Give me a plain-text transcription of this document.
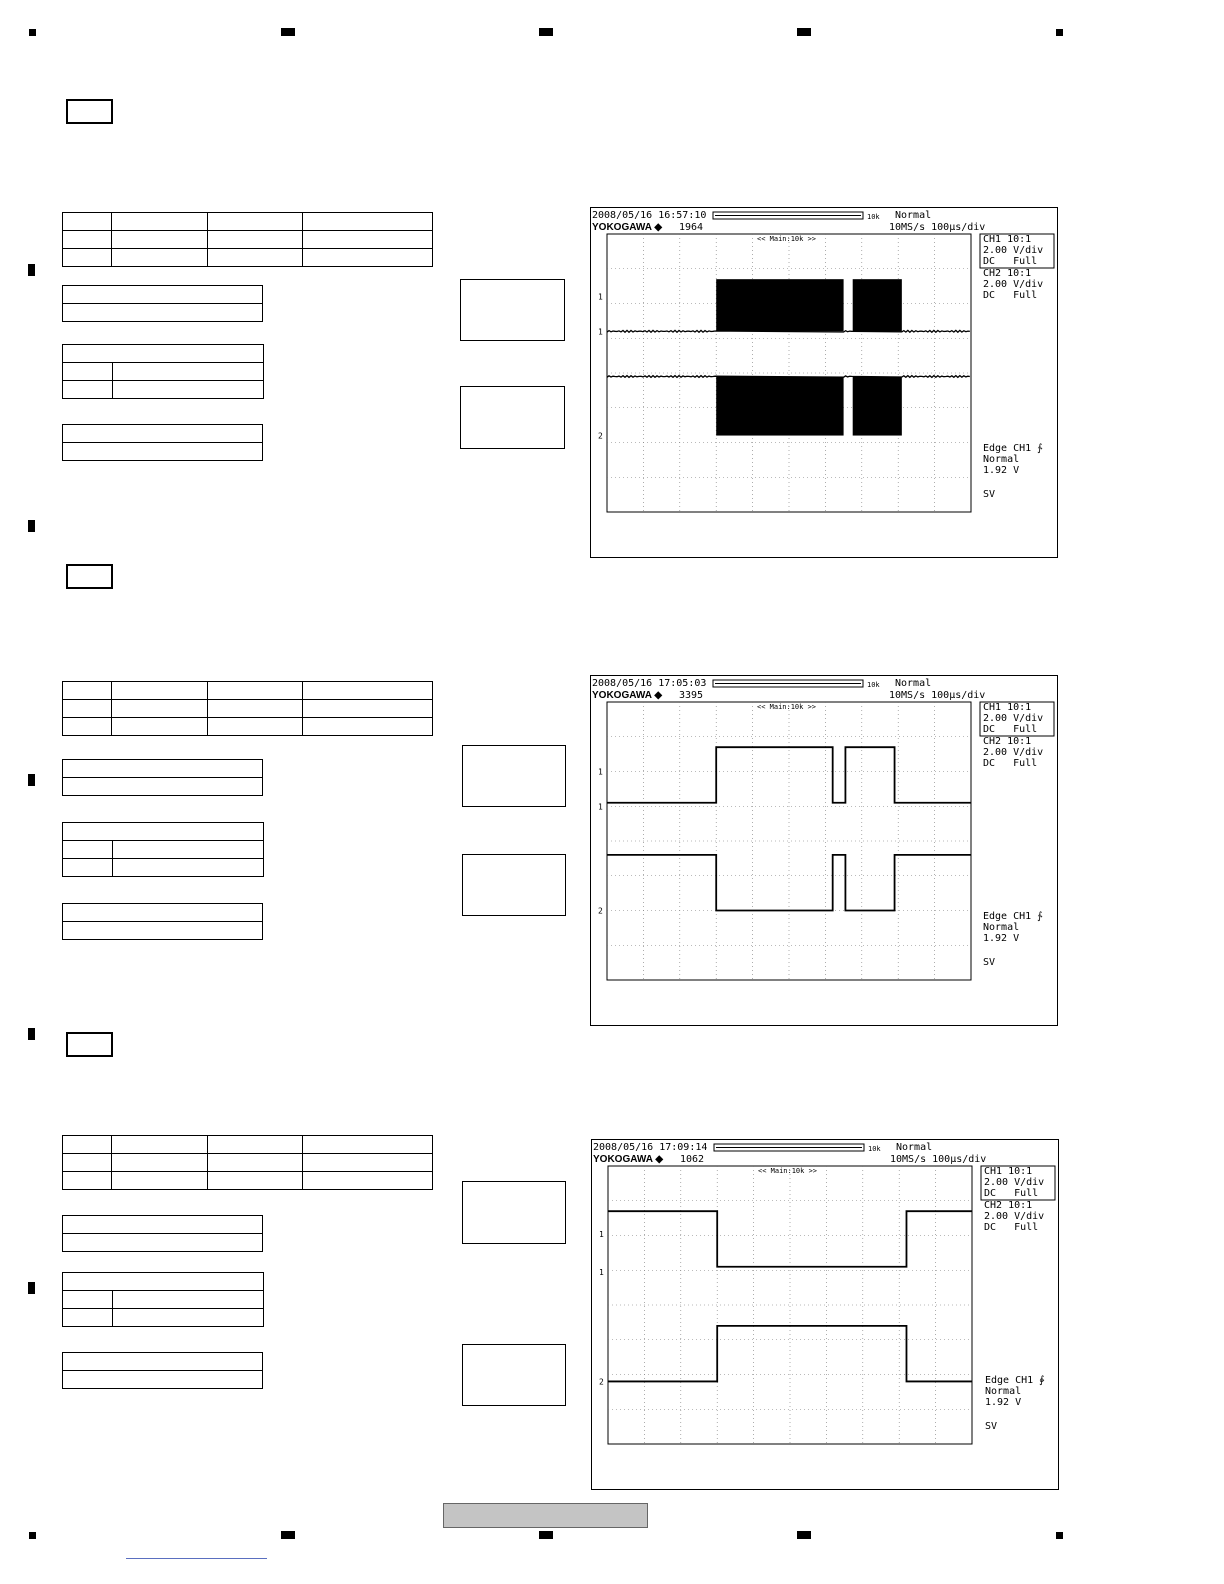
2008/05/16 16:57:10
YOKOGAWA ◆ 1964
10k Normal
10MS/s 100μs/div
<< Main:10k >>	CH1 10:1
2.00 V/div
DC   Full
CH2 10:1
2.00 V/div
DC   Full
Edge CH1 ∱
Normal
1.92 V
SV
1
1
2

2008/05/16 17:05:03
YOKOGAWA ◆ 3395
10k Normal
10MS/s 100μs/div
<< Main:10k >>	CH1 10:1
2.00 V/div
DC   Full
CH2 10:1
2.00 V/div
DC   Full
Edge CH1 ∱
Normal
1.92 V
SV
1
1
2

2008/05/16 17:09:14
YOKOGAWA ◆ 1062
10k Normal
10MS/s 100μs/div
<< Main:10k >>	CH1 10:1
2.00 V/div
DC   Full
CH2 10:1
2.00 V/div
DC   Full
Edge CH1 ∲
Normal
1.92 V
SV
1
1
2
